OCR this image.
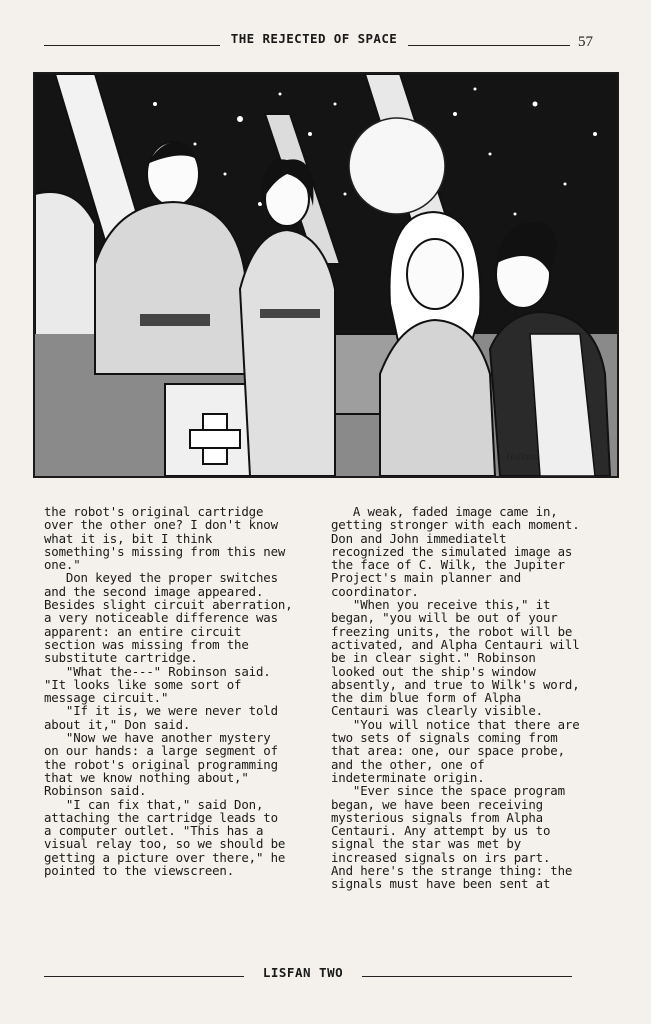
THE REJECTED OF SPACE	57
Holland
the robot's original cartridge
over the other one? I don't know
what it is, bit I think
something's missing from this new
one."
Don keyed the proper switches
and the second image appeared.
Besides slight circuit aberration,
a very noticeable difference was
apparent: an entire circuit
section was missing from the
substitute cartridge.
"What the---" Robinson said.
"It looks like some sort of
message circuit."
"If it is, we were never told
about it," Don said.
"Now we have another mystery
on our hands: a large segment of
the robot's original programming
that we know nothing about,"
Robinson said.
"I can fix that," said Don,
attaching the cartridge leads to
a computer outlet. "This has a
visual relay too, so we should be
getting a picture over there," he
pointed to the viewscreen.
A weak, faded image came in,
getting stronger with each moment.
Don and John immediatelt
recognized the simulated image as
the face of C. Wilk, the Jupiter
Project's main planner and
coordinator.
"When you receive this," it
began, "you will be out of your
freezing units, the robot will be
activated, and Alpha Centauri will
be in clear sight." Robinson
looked out the ship's window
absently, and true to Wilk's word,
the dim blue form of Alpha
Centauri was clearly visible.
"You will notice that there are
two sets of signals coming from
that area: one, our space probe,
and the other, one of
indeterminate origin.
"Ever since the space program
began, we have been receiving
mysterious signals from Alpha
Centauri. Any attempt by us to
signal the star was met by
increased signals on irs part.
And here's the strange thing: the
signals must have been sent at
LISFAN TWO
